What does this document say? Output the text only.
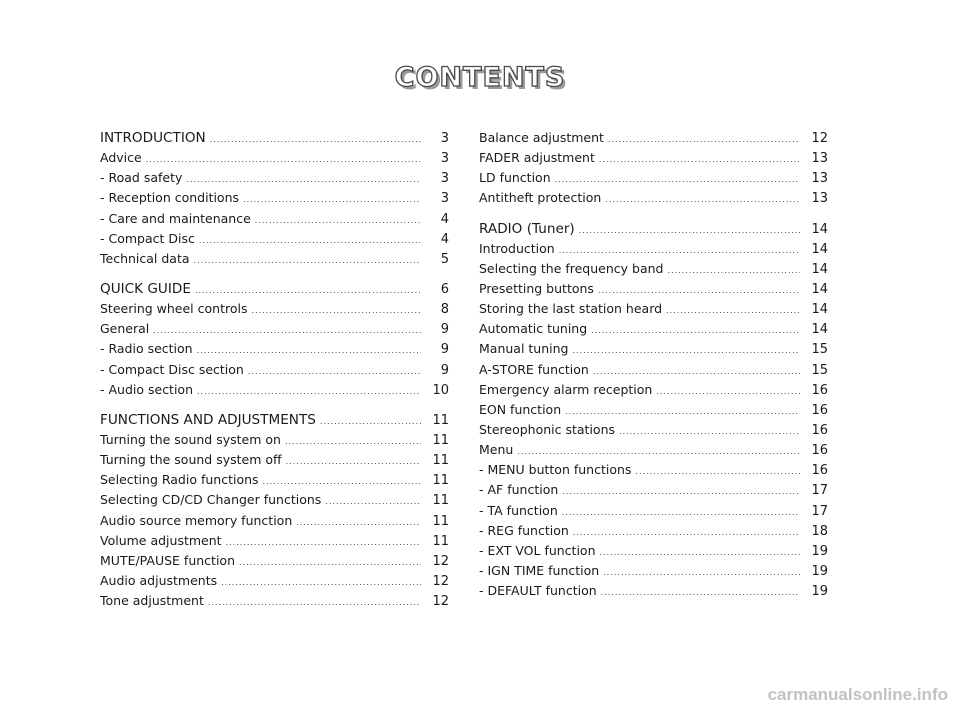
CONTENTS
INTRODUCTION .....	3
Advice .....	3
- Road safety .....	3
- Reception conditions .....	3
- Care and maintenance .....	4
- Compact Disc .....	4
Technical data .....	5
QUICK GUIDE .....	6
Steering wheel controls .....	8
General .....	9
- Radio section .....	9
- Compact Disc section .....	9
- Audio section .....	10
FUNCTIONS AND ADJUSTMENTS .....	11
Turning the sound system on .....	11
Turning the sound system off .....	11
Selecting Radio functions .....	11
Selecting CD/CD Changer functions .....	11
Audio source memory function .....	11
Volume adjustment .....	11
MUTE/PAUSE function .....	12
Audio adjustments .....	12
Tone adjustment .....	12
Balance adjustment .....	12
FADER adjustment .....	13
LD function .....	13
Antitheft protection .....	13
RADIO (Tuner) .....	14
Introduction .....	14
Selecting the frequency band .....	14
Presetting buttons .....	14
Storing the last station heard .....	14
Automatic tuning .....	14
Manual tuning .....	15
A-STORE function .....	15
Emergency alarm reception .....	16
EON function .....	16
Stereophonic stations .....	16
Menu .....	16
- MENU button functions .....	16
- AF function .....	17
- TA function .....	17
- REG function .....	18
- EXT VOL function .....	19
- IGN TIME function .....	19
- DEFAULT function .....	19
carmanualsonline.info
